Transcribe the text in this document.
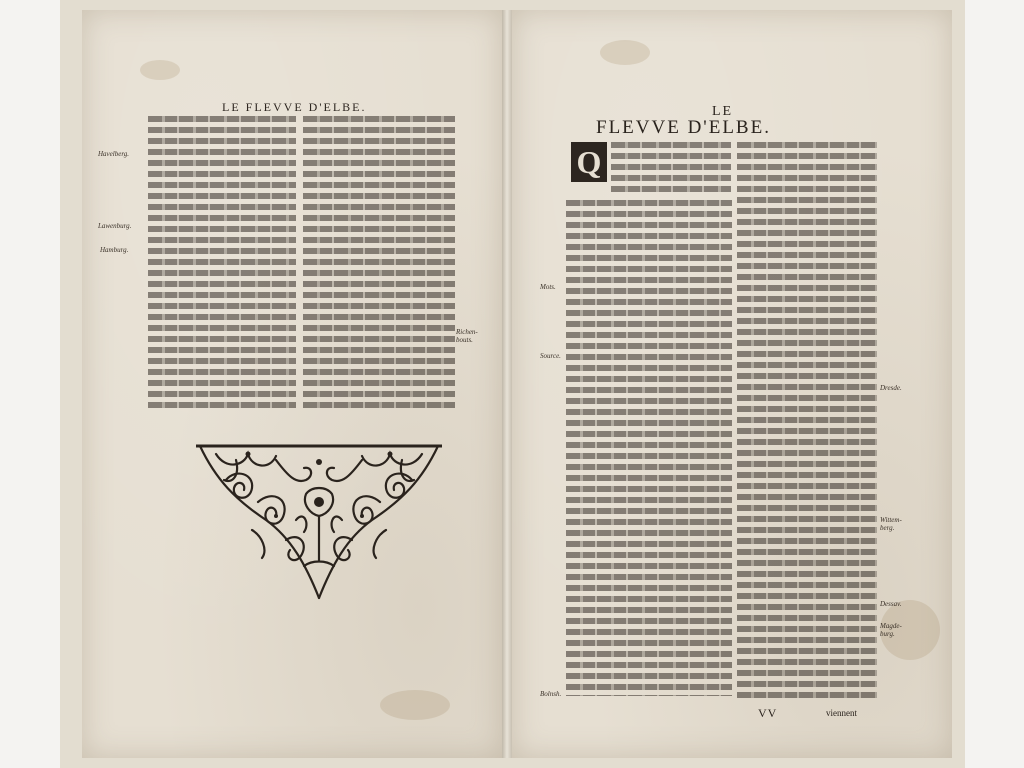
LE FLEVVE D'ELBE.
Havelberg.
Lawenburg.
Hamburg.
Richen-bouts.
LE
FLEVVE D'ELBE.
Q
Mots.
Source.
Bolnsh.
Dresde.
Wittem-berg.
Dessav.
Magde-burg.
VV	viennent
